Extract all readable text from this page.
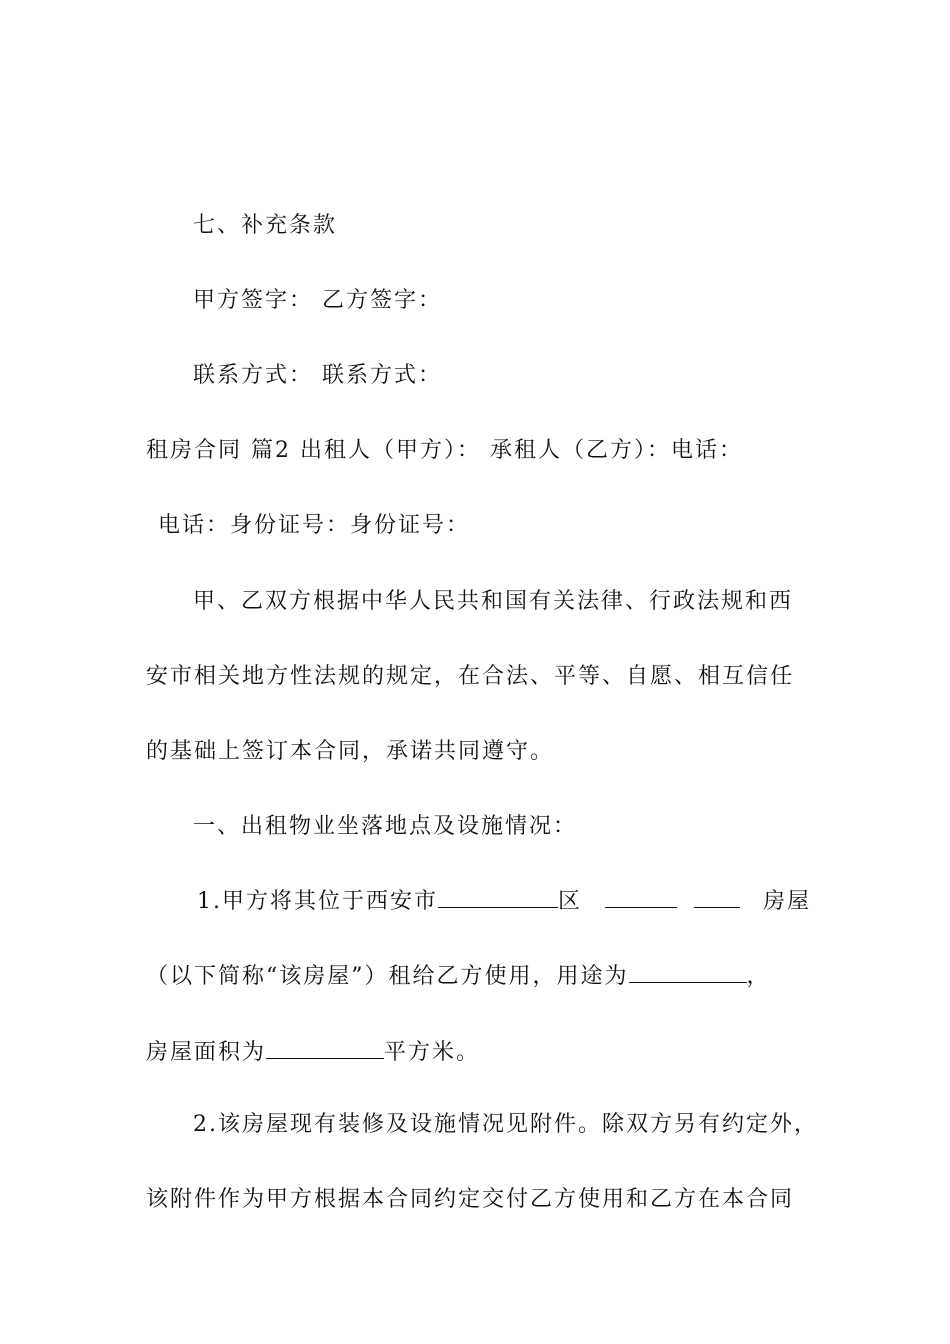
七、补充条款
甲方签字： 乙方签字：
联系方式： 联系方式：
租房合同 篇2 出租人（甲方）： 承租人（乙方）：电话：
电话：身份证号：身份证号：
甲、乙双方根据中华人民共和国有关法律、行政法规和西
安市相关地方性法规的规定，在合法、平等、自愿、相互信任
的基础上签订本合同，承诺共同遵守。
一、出租物业坐落地点及设施情况：
1.甲方将其位于西安市	区	房屋
（以下简称“该房屋”）租给乙方使用，用途为	，
房屋面积为	平方米。
2.该房屋现有装修及设施情况见附件。除双方另有约定外，
该附件作为甲方根据本合同约定交付乙方使用和乙方在本合同
